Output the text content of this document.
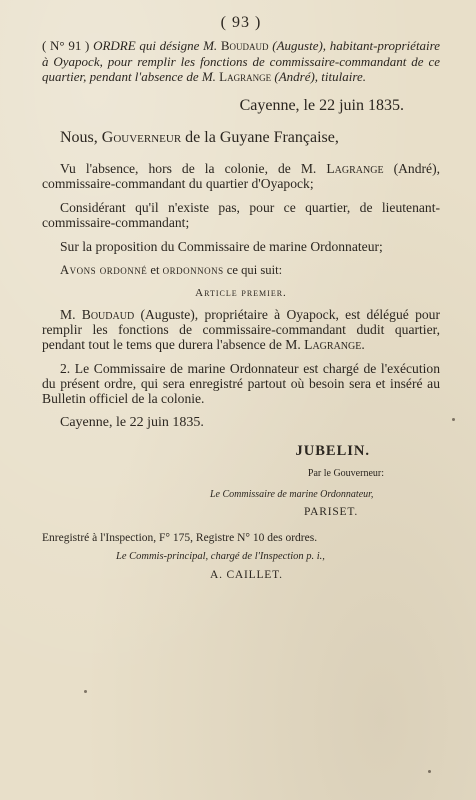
( 93 )
( N° 91 ) ORDRE qui désigne M. Boudaud (Auguste), habitant-propriétaire à Oyapock, pour remplir les fonctions de commissaire-commandant de ce quartier, pendant l'absence de M. Lagrange (André), titulaire.
Cayenne, le 22 juin 1835.
Nous, Gouverneur de la Guyane Française,
Vu l'absence, hors de la colonie, de M. Lagrange (André), commissaire-commandant du quartier d'Oyapock;
Considérant qu'il n'existe pas, pour ce quartier, de lieutenant-commissaire-commandant;
Sur la proposition du Commissaire de marine Ordonnateur;
Avons ordonné et ordonnons ce qui suit:
Article premier.
M. Boudaud (Auguste), propriétaire à Oyapock, est délégué pour remplir les fonctions de commissaire-commandant dudit quartier, pendant tout le tems que durera l'absence de M. Lagrange.
2. Le Commissaire de marine Ordonnateur est chargé de l'exécution du présent ordre, qui sera enregistré partout où besoin sera et inséré au Bulletin officiel de la colonie.
Cayenne, le 22 juin 1835.
JUBELIN.
Par le Gouverneur:
Le Commissaire de marine Ordonnateur,
PARISET.
Enregistré à l'Inspection, F° 175, Registre N° 10 des ordres.
Le Commis-principal, chargé de l'Inspection p. i.,
A. CAILLET.
